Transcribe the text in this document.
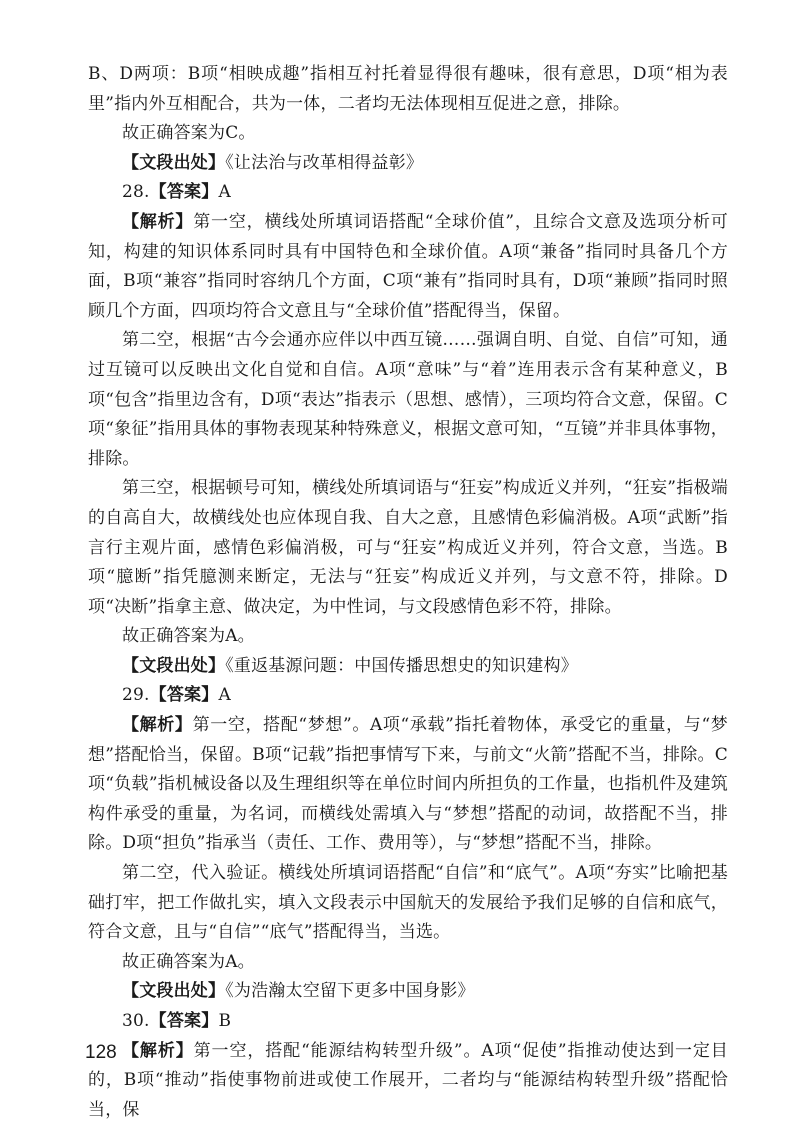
B、D两项：B项“相映成趣”指相互衬托着显得很有趣味，很有意思，D项“相为表里”指内外互相配合，共为一体，二者均无法体现相互促进之意，排除。

故正确答案为C。

【文段出处】《让法治与改革相得益彰》

28.【答案】A

【解析】第一空，横线处所填词语搭配“全球价值”，且综合文意及选项分析可知，构建的知识体系同时具有中国特色和全球价值。A项“兼备”指同时具备几个方面，B项“兼容”指同时容纳几个方面，C项“兼有”指同时具有，D项“兼顾”指同时照顾几个方面，四项均符合文意且与“全球价值”搭配得当，保留。

第二空，根据“古今会通亦应伴以中西互镜……强调自明、自觉、自信”可知，通过互镜可以反映出文化自觉和自信。A项“意味”与“着”连用表示含有某种意义，B项“包含”指里边含有，D项“表达”指表示（思想、感情），三项均符合文意，保留。C项“象征”指用具体的事物表现某种特殊意义，根据文意可知，“互镜”并非具体事物，排除。

第三空，根据顿号可知，横线处所填词语与“狂妄”构成近义并列，“狂妄”指极端的自高自大，故横线处也应体现自我、自大之意，且感情色彩偏消极。A项“武断”指言行主观片面，感情色彩偏消极，可与“狂妄”构成近义并列，符合文意，当选。B项“臆断”指凭臆测来断定，无法与“狂妄”构成近义并列，与文意不符，排除。D项“决断”指拿主意、做决定，为中性词，与文段感情色彩不符，排除。

故正确答案为A。

【文段出处】《重返基源问题：中国传播思想史的知识建构》

29.【答案】A

【解析】第一空，搭配“梦想”。A项“承载”指托着物体，承受它的重量，与“梦想”搭配恰当，保留。B项“记载”指把事情写下来，与前文“火箭”搭配不当，排除。C项“负载”指机械设备以及生理组织等在单位时间内所担负的工作量，也指机件及建筑构件承受的重量，为名词，而横线处需填入与“梦想”搭配的动词，故搭配不当，排除。D项“担负”指承当（责任、工作、费用等），与“梦想”搭配不当，排除。

第二空，代入验证。横线处所填词语搭配“自信”和“底气”。A项“夯实”比喻把基础打牢，把工作做扎实，填入文段表示中国航天的发展给予我们足够的自信和底气，符合文意，且与“自信”“底气”搭配得当，当选。

故正确答案为A。

【文段出处】《为浩瀚太空留下更多中国身影》

30.【答案】B

【解析】第一空，搭配“能源结构转型升级”。A项“促使”指推动使达到一定目的，B项“推动”指使事物前进或使工作展开，二者均与“能源结构转型升级”搭配恰当，保

128
